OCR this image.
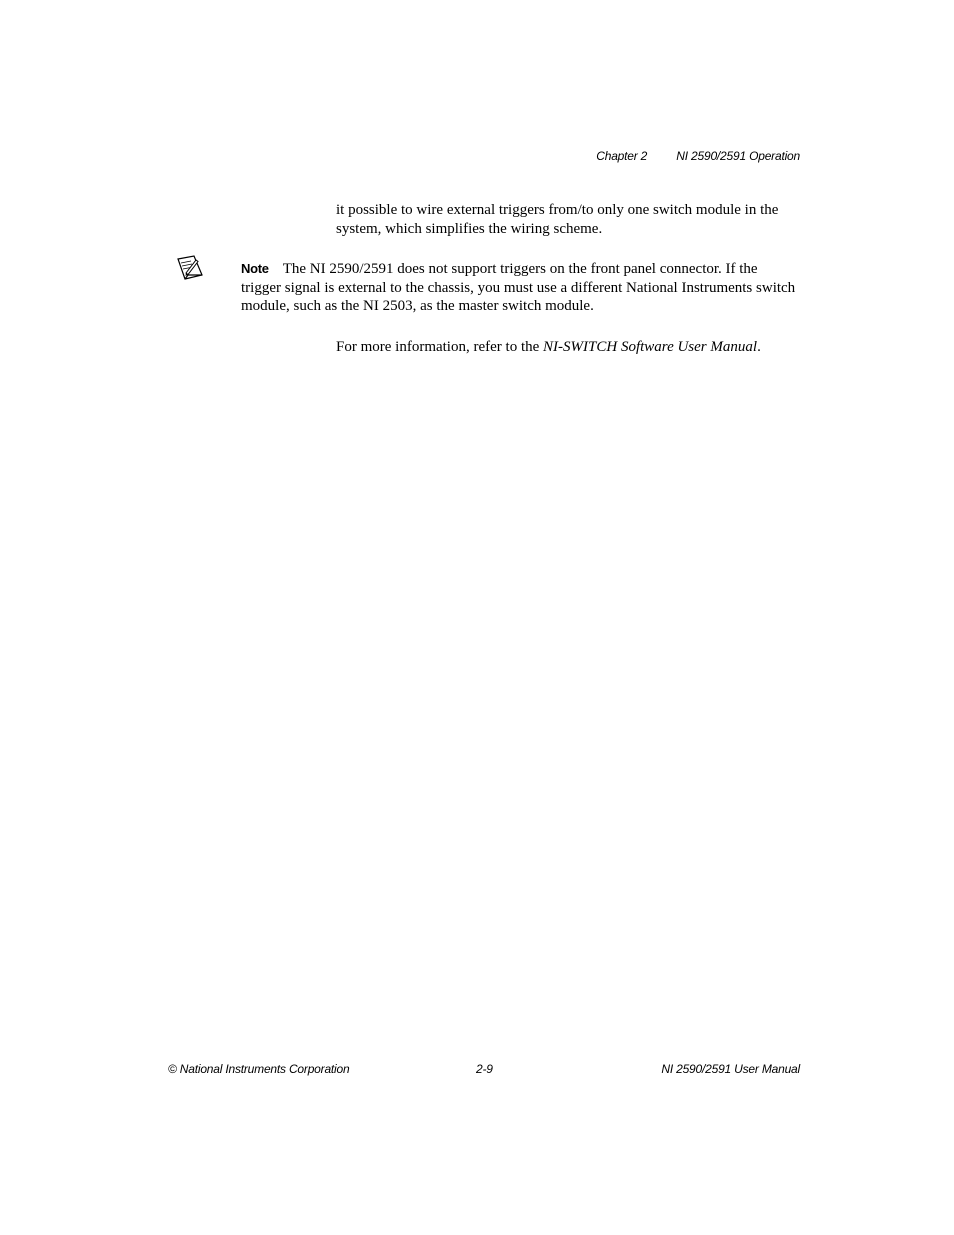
Chapter 2 NI 2590/2591 Operation

it possible to wire external triggers from/to only one switch module in the system, which simplifies the wiring scheme.

Note The NI 2590/2591 does not support triggers on the front panel connector. If the trigger signal is external to the chassis, you must use a different National Instruments switch module, such as the NI 2503, as the master switch module.

For more information, refer to the NI-SWITCH Software User Manual.

© National Instruments Corporation	2-9	NI 2590/2591 User Manual
